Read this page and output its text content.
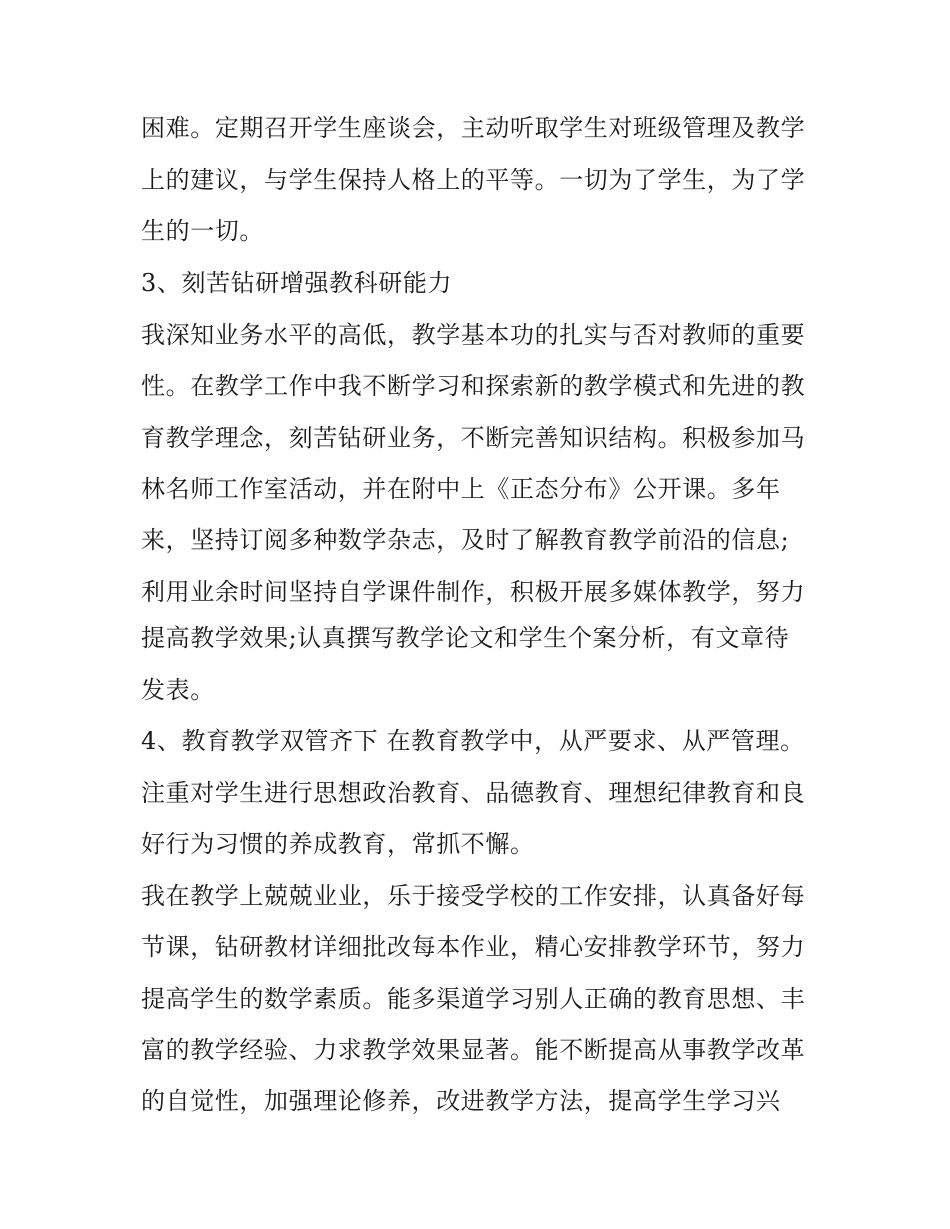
困难。定期召开学生座谈会，主动听取学生对班级管理及教学
上的建议，与学生保持人格上的平等。一切为了学生，为了学
生的一切。
3、刻苦钻研增强教科研能力
我深知业务水平的高低，教学基本功的扎实与否对教师的重要
性。在教学工作中我不断学习和探索新的教学模式和先进的教
育教学理念，刻苦钻研业务，不断完善知识结构。积极参加马
林名师工作室活动，并在附中上《正态分布》公开课。多年
来，坚持订阅多种数学杂志，及时了解教育教学前沿的信息;
利用业余时间坚持自学课件制作，积极开展多媒体教学，努力
提高教学效果;认真撰写教学论文和学生个案分析，有文章待
发表。
4、教育教学双管齐下 在教育教学中，从严要求、从严管理。
注重对学生进行思想政治教育、品德教育、理想纪律教育和良
好行为习惯的养成教育，常抓不懈。
我在教学上兢兢业业，乐于接受学校的工作安排，认真备好每
节课，钻研教材详细批改每本作业，精心安排教学环节，努力
提高学生的数学素质。能多渠道学习别人正确的教育思想、丰
富的教学经验、力求教学效果显著。能不断提高从事教学改革
的自觉性，加强理论修养，改进教学方法，提高学生学习兴
